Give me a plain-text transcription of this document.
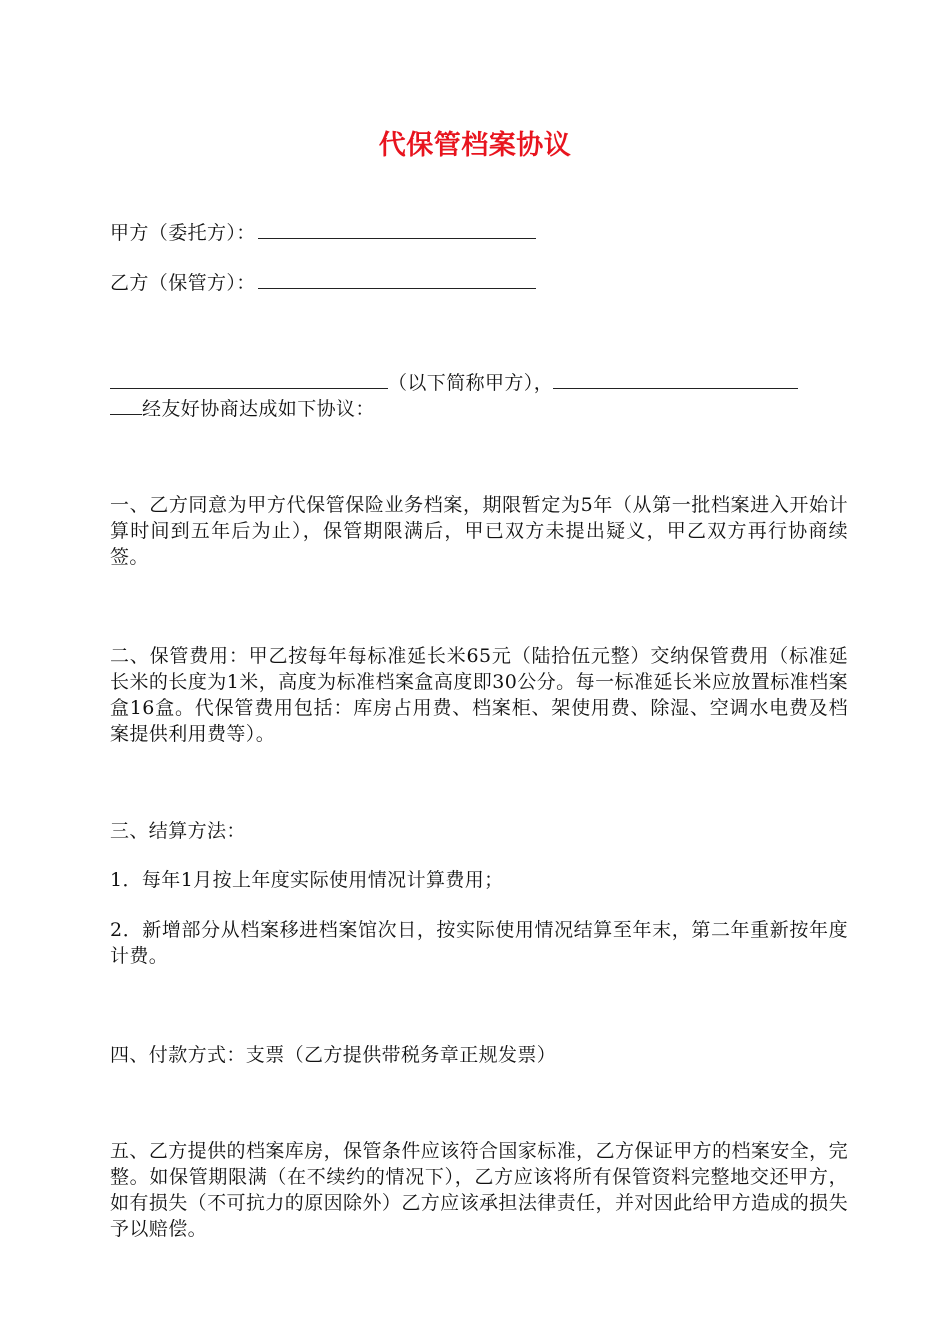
代保管档案协议
甲方（委托方）：
乙方（保管方）：
（以下简称甲方），
经友好协商达成如下协议：
一、乙方同意为甲方代保管保险业务档案，期限暂定为5年（从第一批档案进入开始计算时间到五年后为止），保管期限满后，甲已双方未提出疑义，甲乙双方再行协商续签。
二、保管费用：甲乙按每年每标准延长米65元（陆拾伍元整）交纳保管费用（标准延长米的长度为1米，高度为标准档案盒高度即30公分。每一标准延长米应放置标准档案盒16盒。代保管费用包括：库房占用费、档案柜、架使用费、除湿、空调水电费及档案提供利用费等）。
三、结算方法：
1．每年1月按上年度实际使用情况计算费用；
2．新增部分从档案移进档案馆次日，按实际使用情况结算至年末，第二年重新按年度计费。
四、付款方式：支票（乙方提供带税务章正规发票）
五、乙方提供的档案库房，保管条件应该符合国家标准，乙方保证甲方的档案安全，完整。如保管期限满（在不续约的情况下），乙方应该将所有保管资料完整地交还甲方，如有损失（不可抗力的原因除外）乙方应该承担法律责任，并对因此给甲方造成的损失予以赔偿。
